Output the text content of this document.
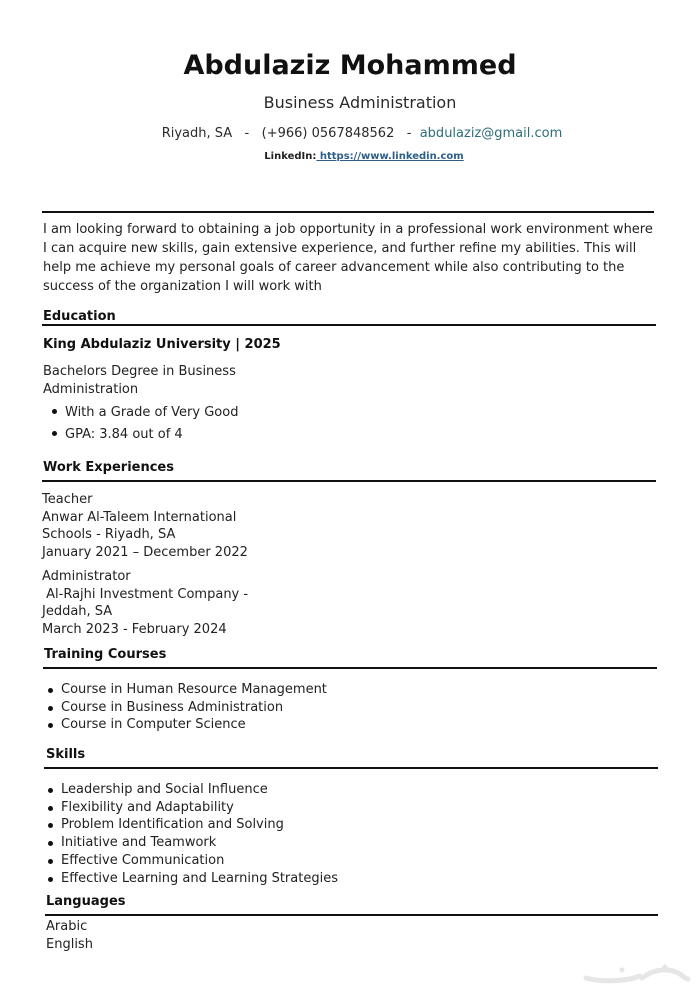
Abdulaziz Mohammed
Business Administration
Riyadh, SA   -   (+966) 0567848562   -  abdulaziz@gmail.com
LinkedIn: https://www.linkedin.com
I am looking forward to obtaining a job opportunity in a professional work environment where I can acquire new skills, gain extensive experience, and further refine my abilities. This will help me achieve my personal goals of career advancement while also contributing to the success of the organization I will work with
Education
King Abdulaziz University | 2025
Bachelors Degree in Business
Administration
With a Grade of Very Good
GPA: 3.84 out of 4
Work Experiences
Teacher
Anwar Al-Taleem International
Schools - Riyadh, SA
January 2021 – December 2022
Administrator
Al-Rajhi Investment Company -
Jeddah, SA
March 2023 - February 2024
Training Courses
Course in Human Resource Management
Course in Business Administration
Course in Computer Science
Skills
Leadership and Social Influence
Flexibility and Adaptability
Problem Identification and Solving
Initiative and Teamwork
Effective Communication
Effective Learning and Learning Strategies
Languages
Arabic
English
